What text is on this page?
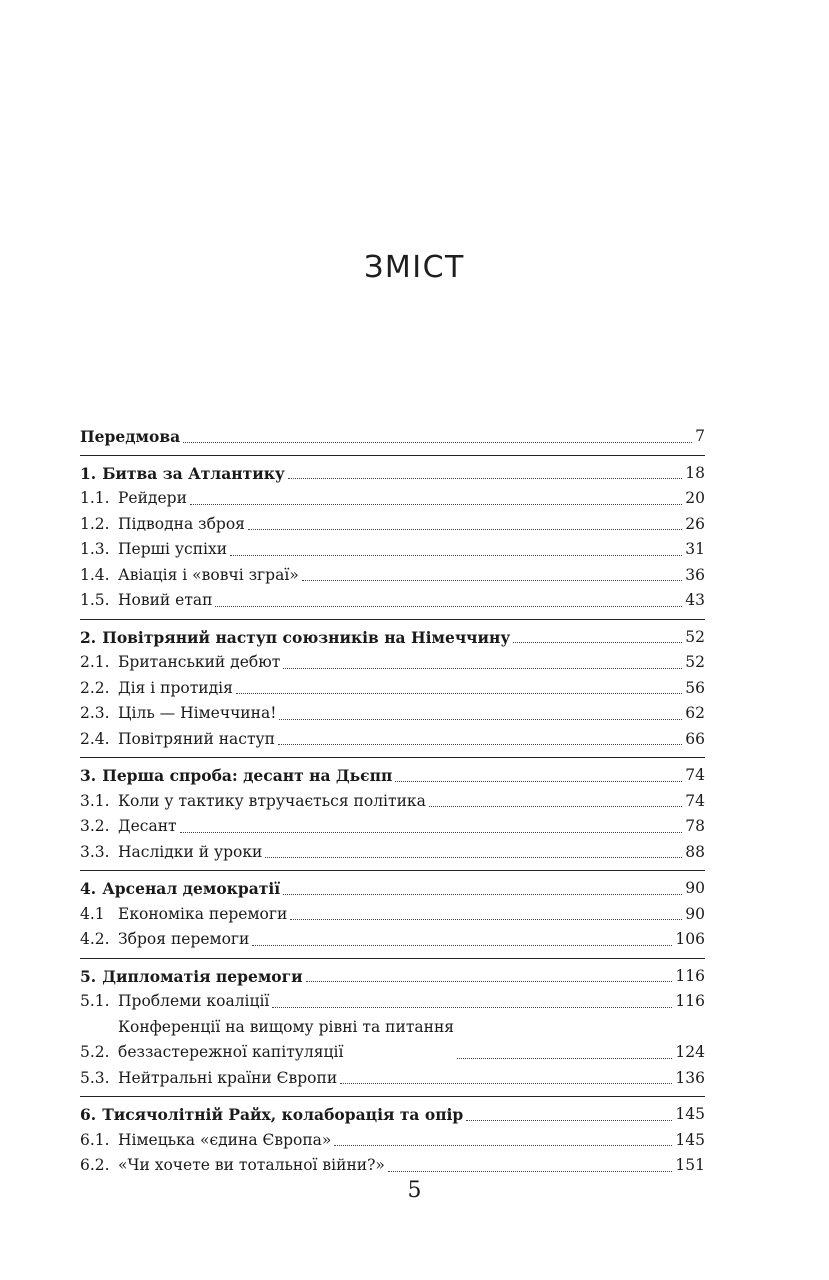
ЗМІСТ
Передмова	7
1. Битва за Атлантику	18
1.1. Рейдери	20
1.2. Підводна зброя	26
1.3. Перші успіхи	31
1.4. Авіація і «вовчі зграї»	36
1.5. Новий етап	43
2. Повітряний наступ союзників на Німеччину	52
2.1. Британський дебют	52
2.2. Дія і протидія	56
2.3. Ціль — Німеччина!	62
2.4. Повітряний наступ	66
3. Перша спроба: десант на Дьєпп	74
3.1. Коли у тактику втручається політика	74
3.2. Десант	78
3.3. Наслідки й уроки	88
4. Арсенал демократії	90
4.1 Економіка перемоги	90
4.2. Зброя перемоги	106
5. Дипломатія перемоги	116
5.1. Проблеми коаліції	116
5.2.
Конференції на вищому рівні та питання
беззастережної капітуляції	124
5.3. Нейтральні країни Європи	136
6. Тисячолітній Райх, колаборація та опір	145
6.1. Німецька «єдина Європа»	145
6.2. «Чи хочете ви тотальної війни?»	151
5
